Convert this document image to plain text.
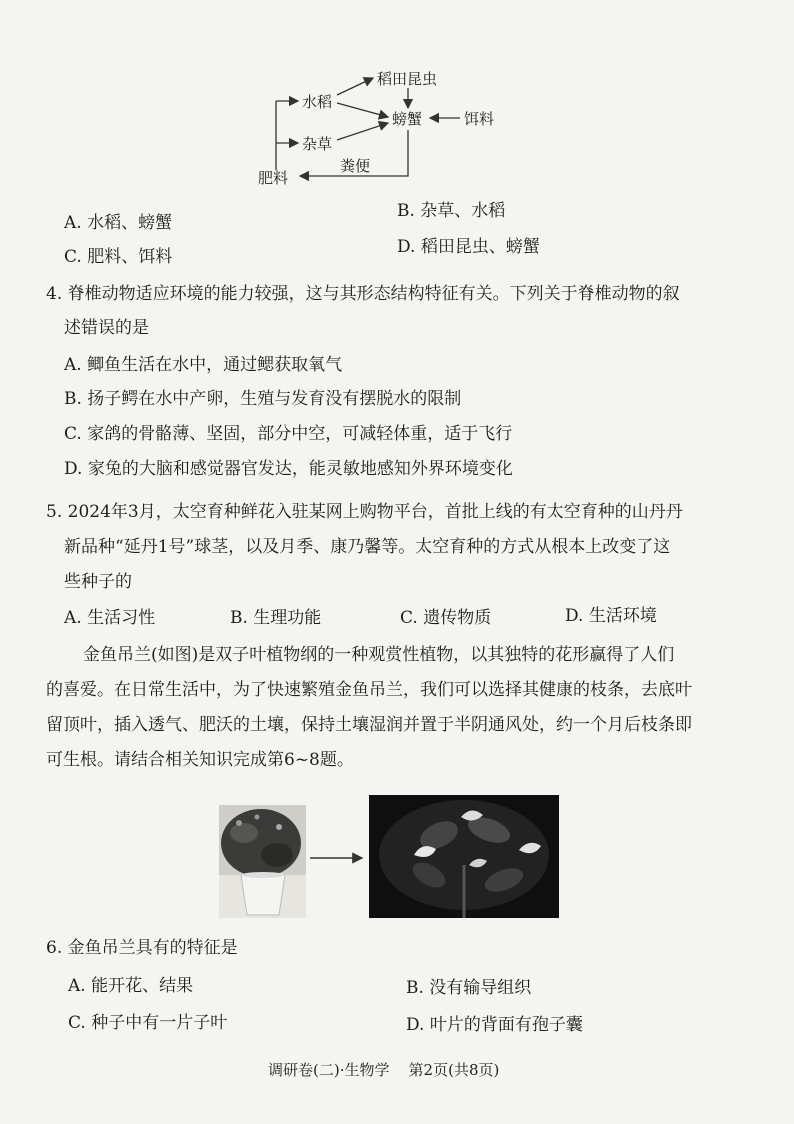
稻田昆虫
水稻
螃蟹	饵料
杂草
粪便
肥料
A. 水稻、螃蟹
B. 杂草、水稻
C. 肥料、饵料	D. 稻田昆虫、螃蟹
4. 脊椎动物适应环境的能力较强，这与其形态结构特征有关。下列关于脊椎动物的叙
述错误的是
A. 鲫鱼生活在水中，通过鳃获取氧气
B. 扬子鳄在水中产卵，生殖与发育没有摆脱水的限制
C. 家鸽的骨骼薄、坚固，部分中空，可减轻体重，适于飞行
D. 家兔的大脑和感觉器官发达，能灵敏地感知外界环境变化
5. 2024年3月，太空育种鲜花入驻某网上购物平台，首批上线的有太空育种的山丹丹
新品种“延丹1号”球茎，以及月季、康乃馨等。太空育种的方式从根本上改变了这
些种子的
A. 生活习性	B. 生理功能	C. 遗传物质	D. 生活环境
金鱼吊兰(如图)是双子叶植物纲的一种观赏性植物，以其独特的花形赢得了人们
的喜爱。在日常生活中，为了快速繁殖金鱼吊兰，我们可以选择其健康的枝条，去底叶
留顶叶，插入透气、肥沃的土壤，保持土壤湿润并置于半阴通风处，约一个月后枝条即
可生根。请结合相关知识完成第6~8题。
6. 金鱼吊兰具有的特征是
A. 能开花、结果	B. 没有输导组织
C. 种子中有一片子叶	D. 叶片的背面有孢子囊
调研卷(二)·生物学    第2页(共8页)
